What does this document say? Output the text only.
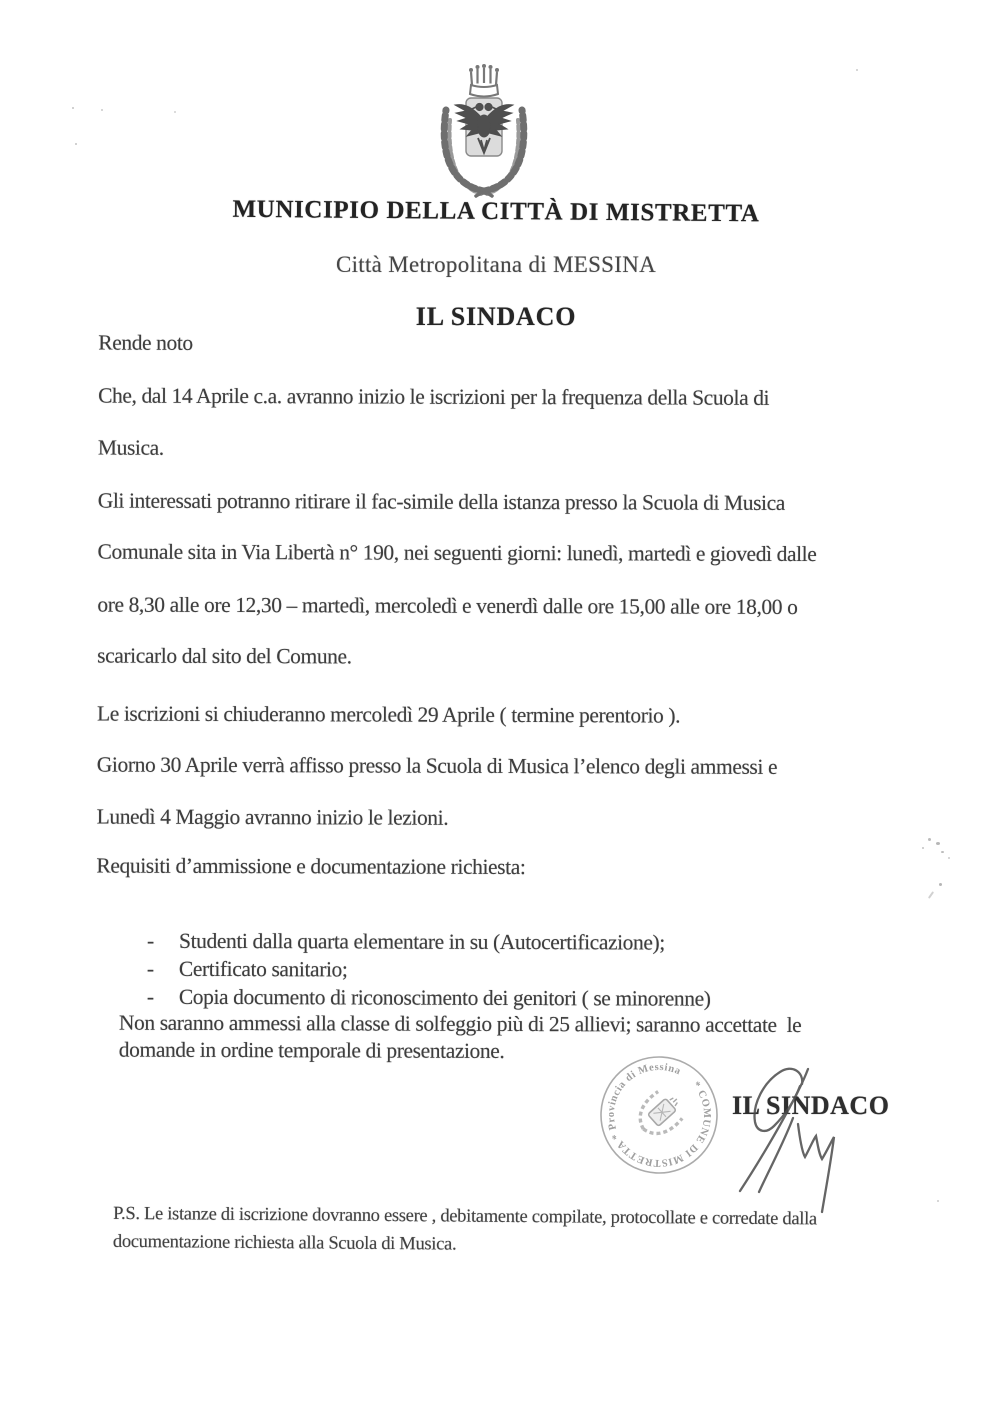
MUNICIPIO DELLA CITTÀ DI MISTRETTA
Città Metropolitana di MESSINA
IL SINDACO
Rende noto
Che, dal 14 Aprile c.a. avranno inizio le iscrizioni per la frequenza della Scuola di
Musica.
Gli interessati potranno ritirare il fac-simile della istanza presso la Scuola di Musica
Comunale sita in Via Libertà n° 190, nei seguenti giorni: lunedì, martedì e giovedì dalle
ore 8,30 alle ore 12,30 – martedì, mercoledì e venerdì dalle ore 15,00 alle ore 18,00 o
scaricarlo dal sito del Comune.
Le iscrizioni si chiuderanno mercoledì 29 Aprile ( termine perentorio ).
Giorno 30 Aprile verrà affisso presso la Scuola di Musica l’elenco degli ammessi e
Lunedì 4 Maggio avranno inizio le lezioni.
Requisiti d’ammissione e documentazione richiesta:

- Studenti dalla quarta elementare in su (Autocertificazione);

- Certificato sanitario;

- Copia documento di riconoscimento dei genitori ( se minorenne)

Non saranno ammessi alla classe di solfeggio più di 25 allievi; saranno accettate  le
domande in ordine temporale di presentazione.
* COMUNE DI MISTRETTA * Provincia di Messina
IL SINDACO
P.S. Le istanze di iscrizione dovranno essere , debitamente compilate, protocollate e corredate dalla
documentazione richiesta alla Scuola di Musica.
